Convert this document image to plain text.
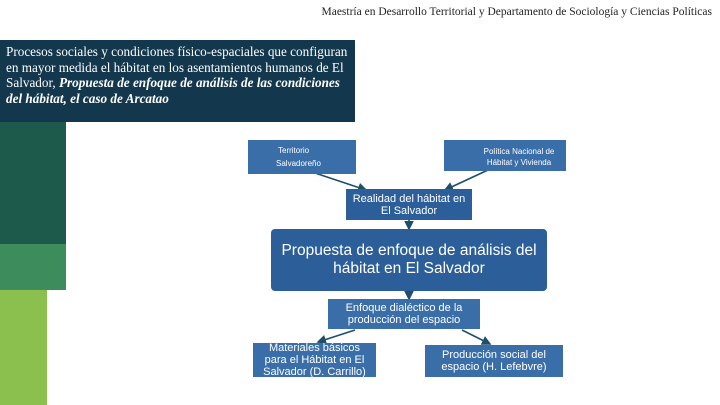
Maestría en Desarrollo Territorial y Departamento de Sociología y Ciencias Políticas
Procesos sociales y condiciones físico-espaciales que configuran en mayor medida el hábitat en los asentamientos humanos de El Salvador, Propuesta de enfoque de análisis de las condiciones del hábitat, el caso de Arcatao
Territorio
Salvadoreño
Política Nacional de
Hábitat y Vivienda
Realidad del hábitat en
El Salvador
Propuesta de enfoque de análisis del
hábitat en El Salvador
Enfoque dialéctico de la
producción del espacio
Materiales básicos
para el Hábitat en El
Salvador (D. Carrillo)
Producción social del
espacio (H. Lefebvre)
